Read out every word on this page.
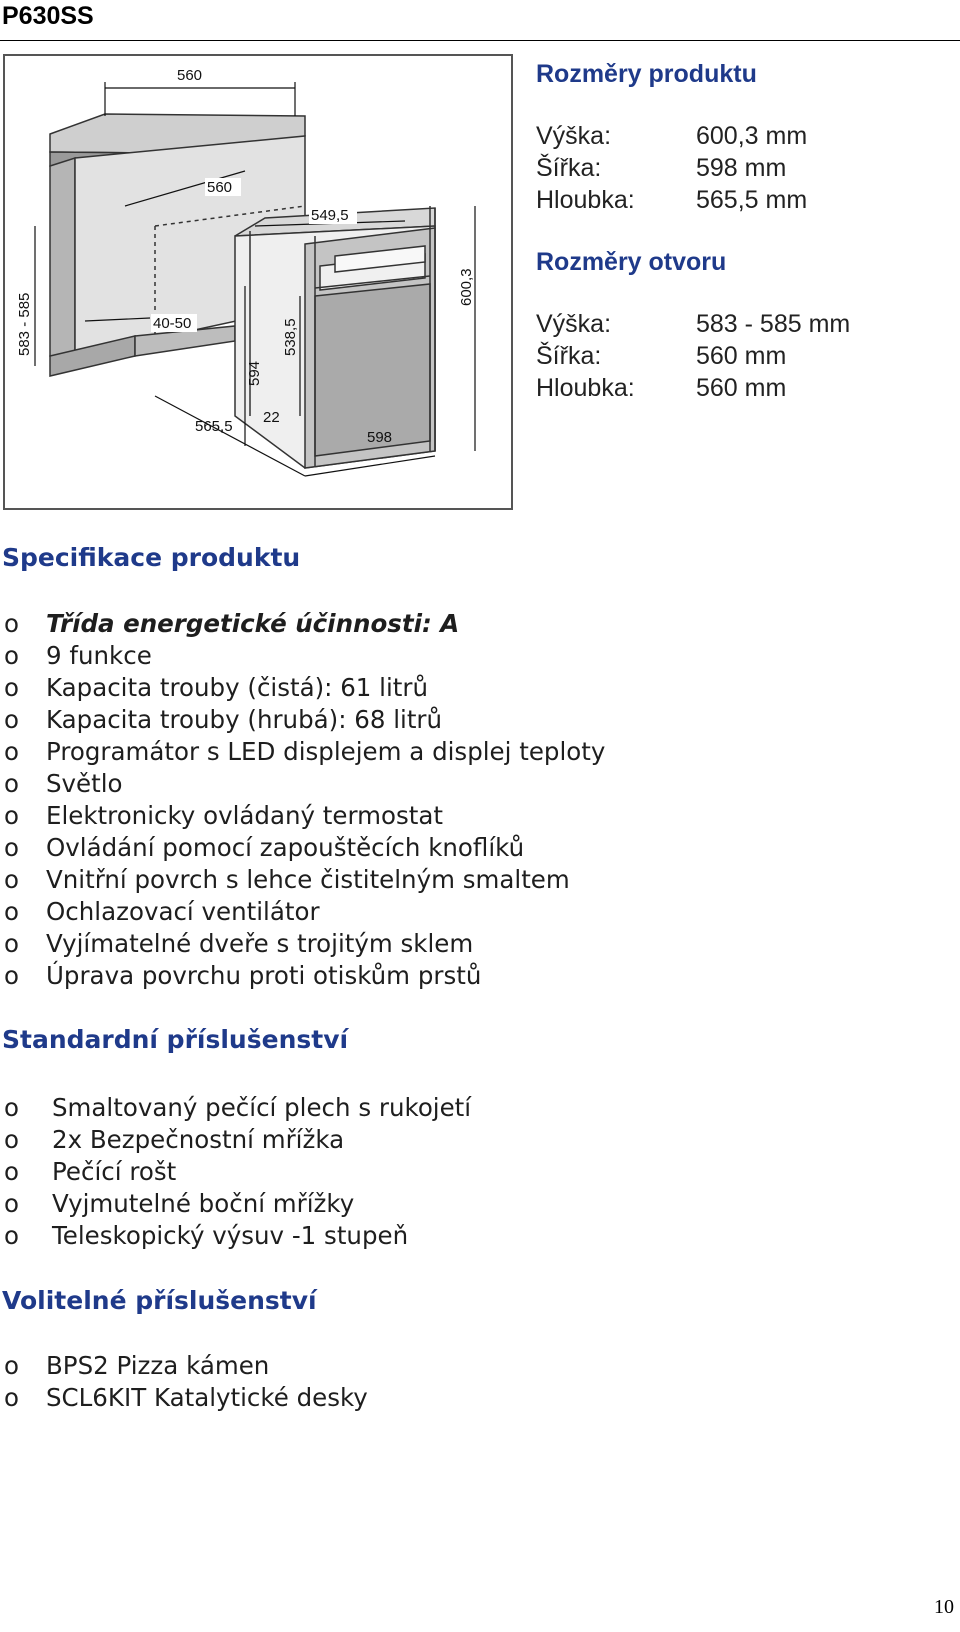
P630SS
560
560
549,5
583 - 585	40-50
594
538,5
600,3
565,5
22
598
Rozměry produktu
Výška:	600,3 mm
Šířka:	598 mm
Hloubka:	565,5 mm
Rozměry otvoru
Výška:	583 - 585 mm
Šířka:	560 mm
Hloubka:	560 mm
Specifikace produktu
o	Třída energetické účinnosti: A
o	9 funkce
o	Kapacita trouby (čistá): 61 litrů
o	Kapacita trouby (hrubá): 68 litrů
o	Programátor s LED displejem a displej teploty
o	Světlo
o	Elektronicky ovládaný termostat
o	Ovládání pomocí zapouštěcích knoflíků
o	Vnitřní povrch s lehce čistitelným smaltem
o	Ochlazovací ventilátor
o	Vyjímatelné dveře s trojitým sklem
o	Úprava povrchu proti otiskům prstů
Standardní příslušenství
o	Smaltovaný pečící plech s rukojetí
o	2x Bezpečnostní mřížka
o	Pečící rošt
o	Vyjmutelné boční mřížky
o	Teleskopický výsuv -1 stupeň
Volitelné příslušenství
o	BPS2 Pizza kámen
o	SCL6KIT Katalytické desky
10
